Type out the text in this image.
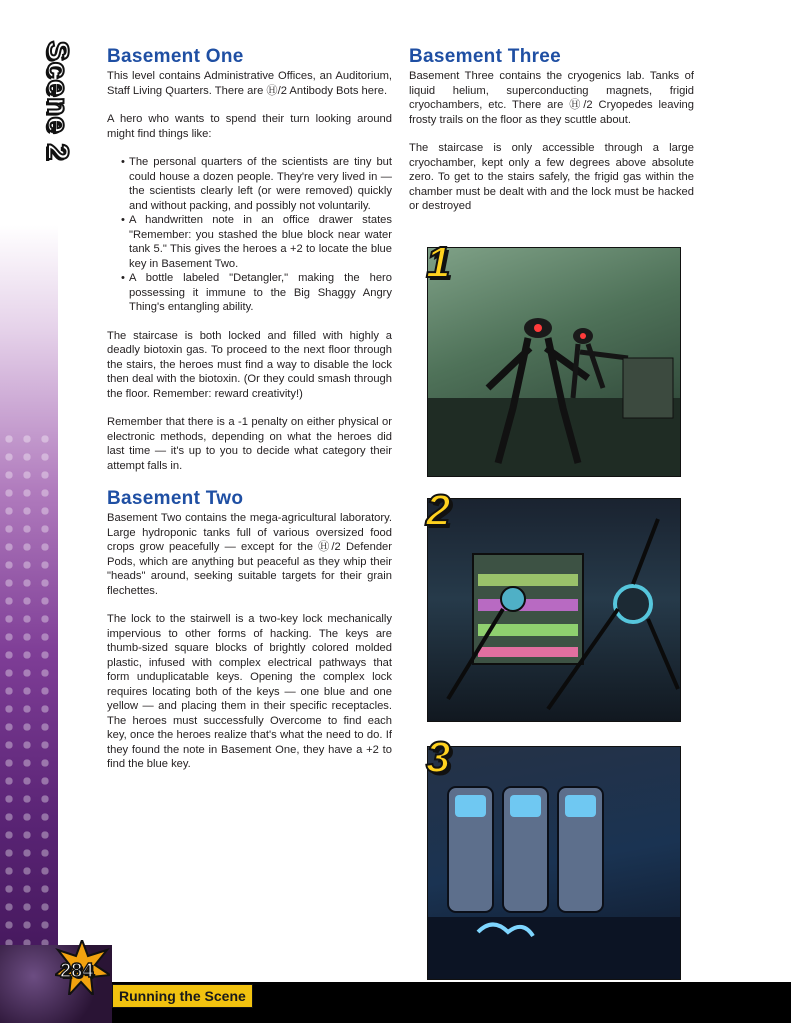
Scene 2 Basement One

This level contains Administrative Offices, an Auditorium, Staff Living Quarters. There are Ⓗ/2 Antibody Bots here.

A hero who wants to spend their turn looking around might find things like:

• The personal quarters of the scientists are tiny but could house a dozen people. They're very lived in — the scientists clearly left (or were removed) quickly and without packing, and possibly not voluntarily.
• A handwritten note in an office drawer states "Remember: you stashed the blue block near water tank 5." This gives the heroes a +2 to locate the blue key in Basement Two.
• A bottle labeled "Detangler," making the hero possessing it immune to the Big Shaggy Angry Thing's entangling ability.

The staircase is both locked and filled with highly a deadly biotoxin gas. To proceed to the next floor through the stairs, the heroes must find a way to disable the lock then deal with the biotoxin. (Or they could smash through the floor. Remember: reward creativity!)

Remember that there is a -1 penalty on either physical or electronic methods, depending on what the heroes did last time — it's up to you to decide what category their attempt falls in.

Basement Two

Basement Two contains the mega-agricultural laboratory. Large hydroponic tanks full of various oversized food crops grow peacefully — except for the Ⓗ/2 Defender Pods, which are anything but peaceful as they whip their "heads" around, seeking suitable targets for their grain flechettes.

The lock to the stairwell is a two-key lock mechanically impervious to other forms of hacking. The keys are thumb-sized square blocks of brightly colored molded plastic, infused with complex electrical pathways that form unduplicatable keys. Opening the complex lock requires locating both of the keys — one blue and one yellow — and placing them in their specific receptacles. The heroes must successfully Overcome to find each key, once the heroes realize that's what the need to do. If they found the note in Basement One, they have a +2 to find the blue key.

Basement Three

Basement Three contains the cryogenics lab. Tanks of liquid helium, superconducting magnets, frigid cryochambers, etc. There are Ⓗ/2 Cryopedes leaving frosty trails on the floor as they scuttle about.

The staircase is only accessible through a large cryochamber, kept only a few degrees above absolute zero. To get to the stairs safely, the frigid gas within the chamber must be dealt with and the lock must be hacked or destroyed

1
2
3
284
Running the Scene
